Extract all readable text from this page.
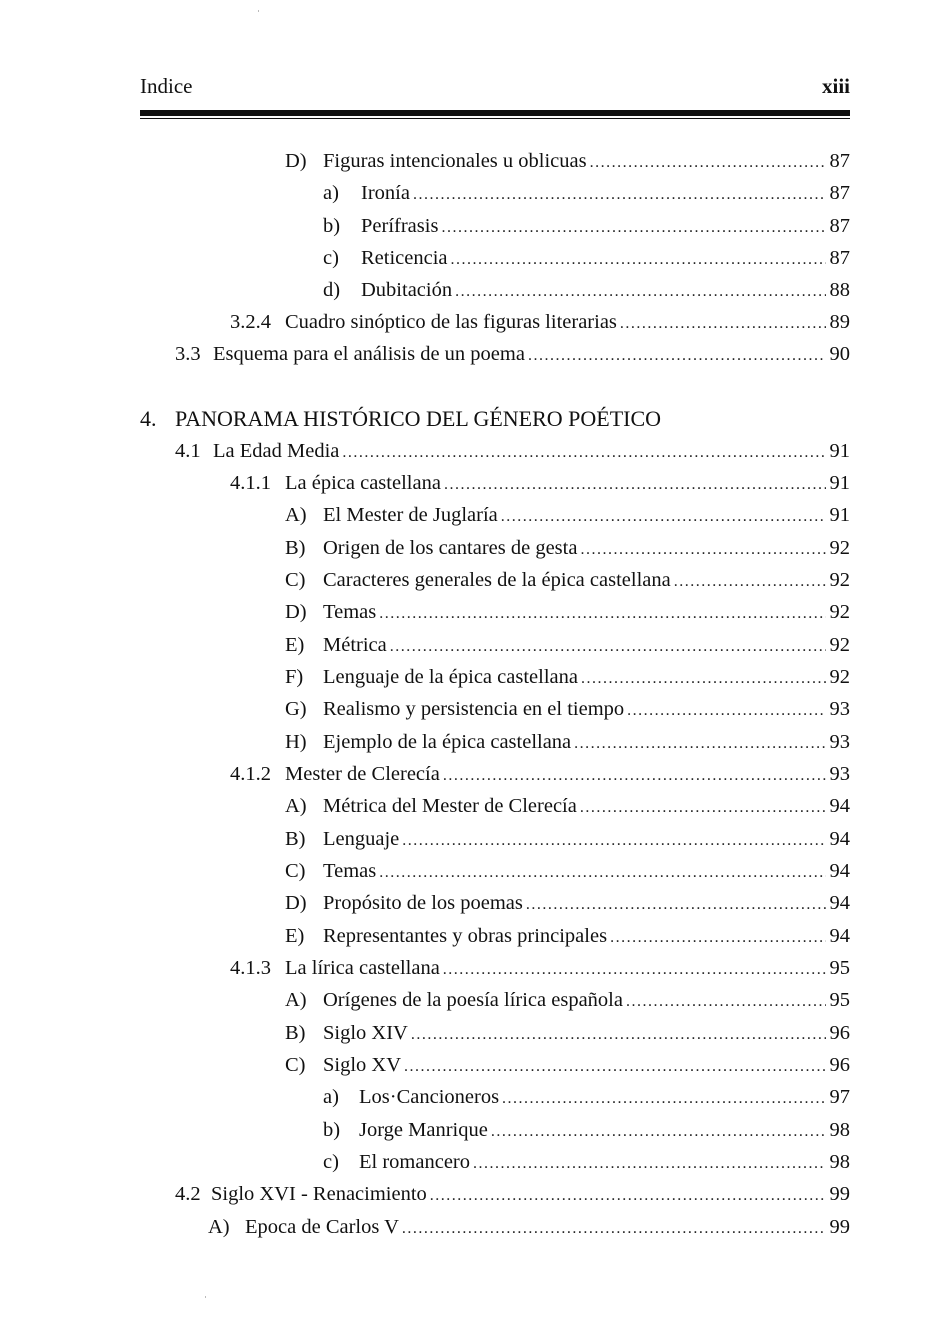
Indice	xiii
4. PANORAMA HISTÓRICO DEL GÉNERO POÉTICO
D) Figuras intencionales u oblicuas .....	87
a)	Ironía .....	87
b)	Perífrasis .....	87
c)	Reticencia .....	87
d)	Dubitación .....	88
3.2.4 Cuadro sinóptico de las figuras literarias .....	89
3.3 Esquema para el análisis de un poema .....	90
4.1 La Edad Media .....	91
4.1.1 La épica castellana .....	91
A) El Mester de Juglaría .....	91
B) Origen de los cantares de gesta .....	92
C) Caracteres generales de la épica castellana .....	92
D) Temas .....	92
E) Métrica .....	92
F) Lenguaje de la épica castellana .....	92
G) Realismo y persistencia en el tiempo .....	93
H) Ejemplo de la épica castellana .....	93
4.1.2 Mester de Clerecía .....	93
A) Métrica del Mester de Clerecía .....	94
B) Lenguaje .....	94
C) Temas .....	94
D) Propósito de los poemas .....	94
E) Representantes y obras principales .....	94
4.1.3 La lírica castellana .....	95
A) Orígenes de la poesía lírica española .....	95
B) Siglo XIV .....	96
C) Siglo XV .....	96
a) Los·Cancioneros .....	97
b) Jorge Manrique .....	98
c) El romancero .....	98
4.2 Siglo XVI - Renacimiento .....	99
A) Epoca de Carlos V .....	99
